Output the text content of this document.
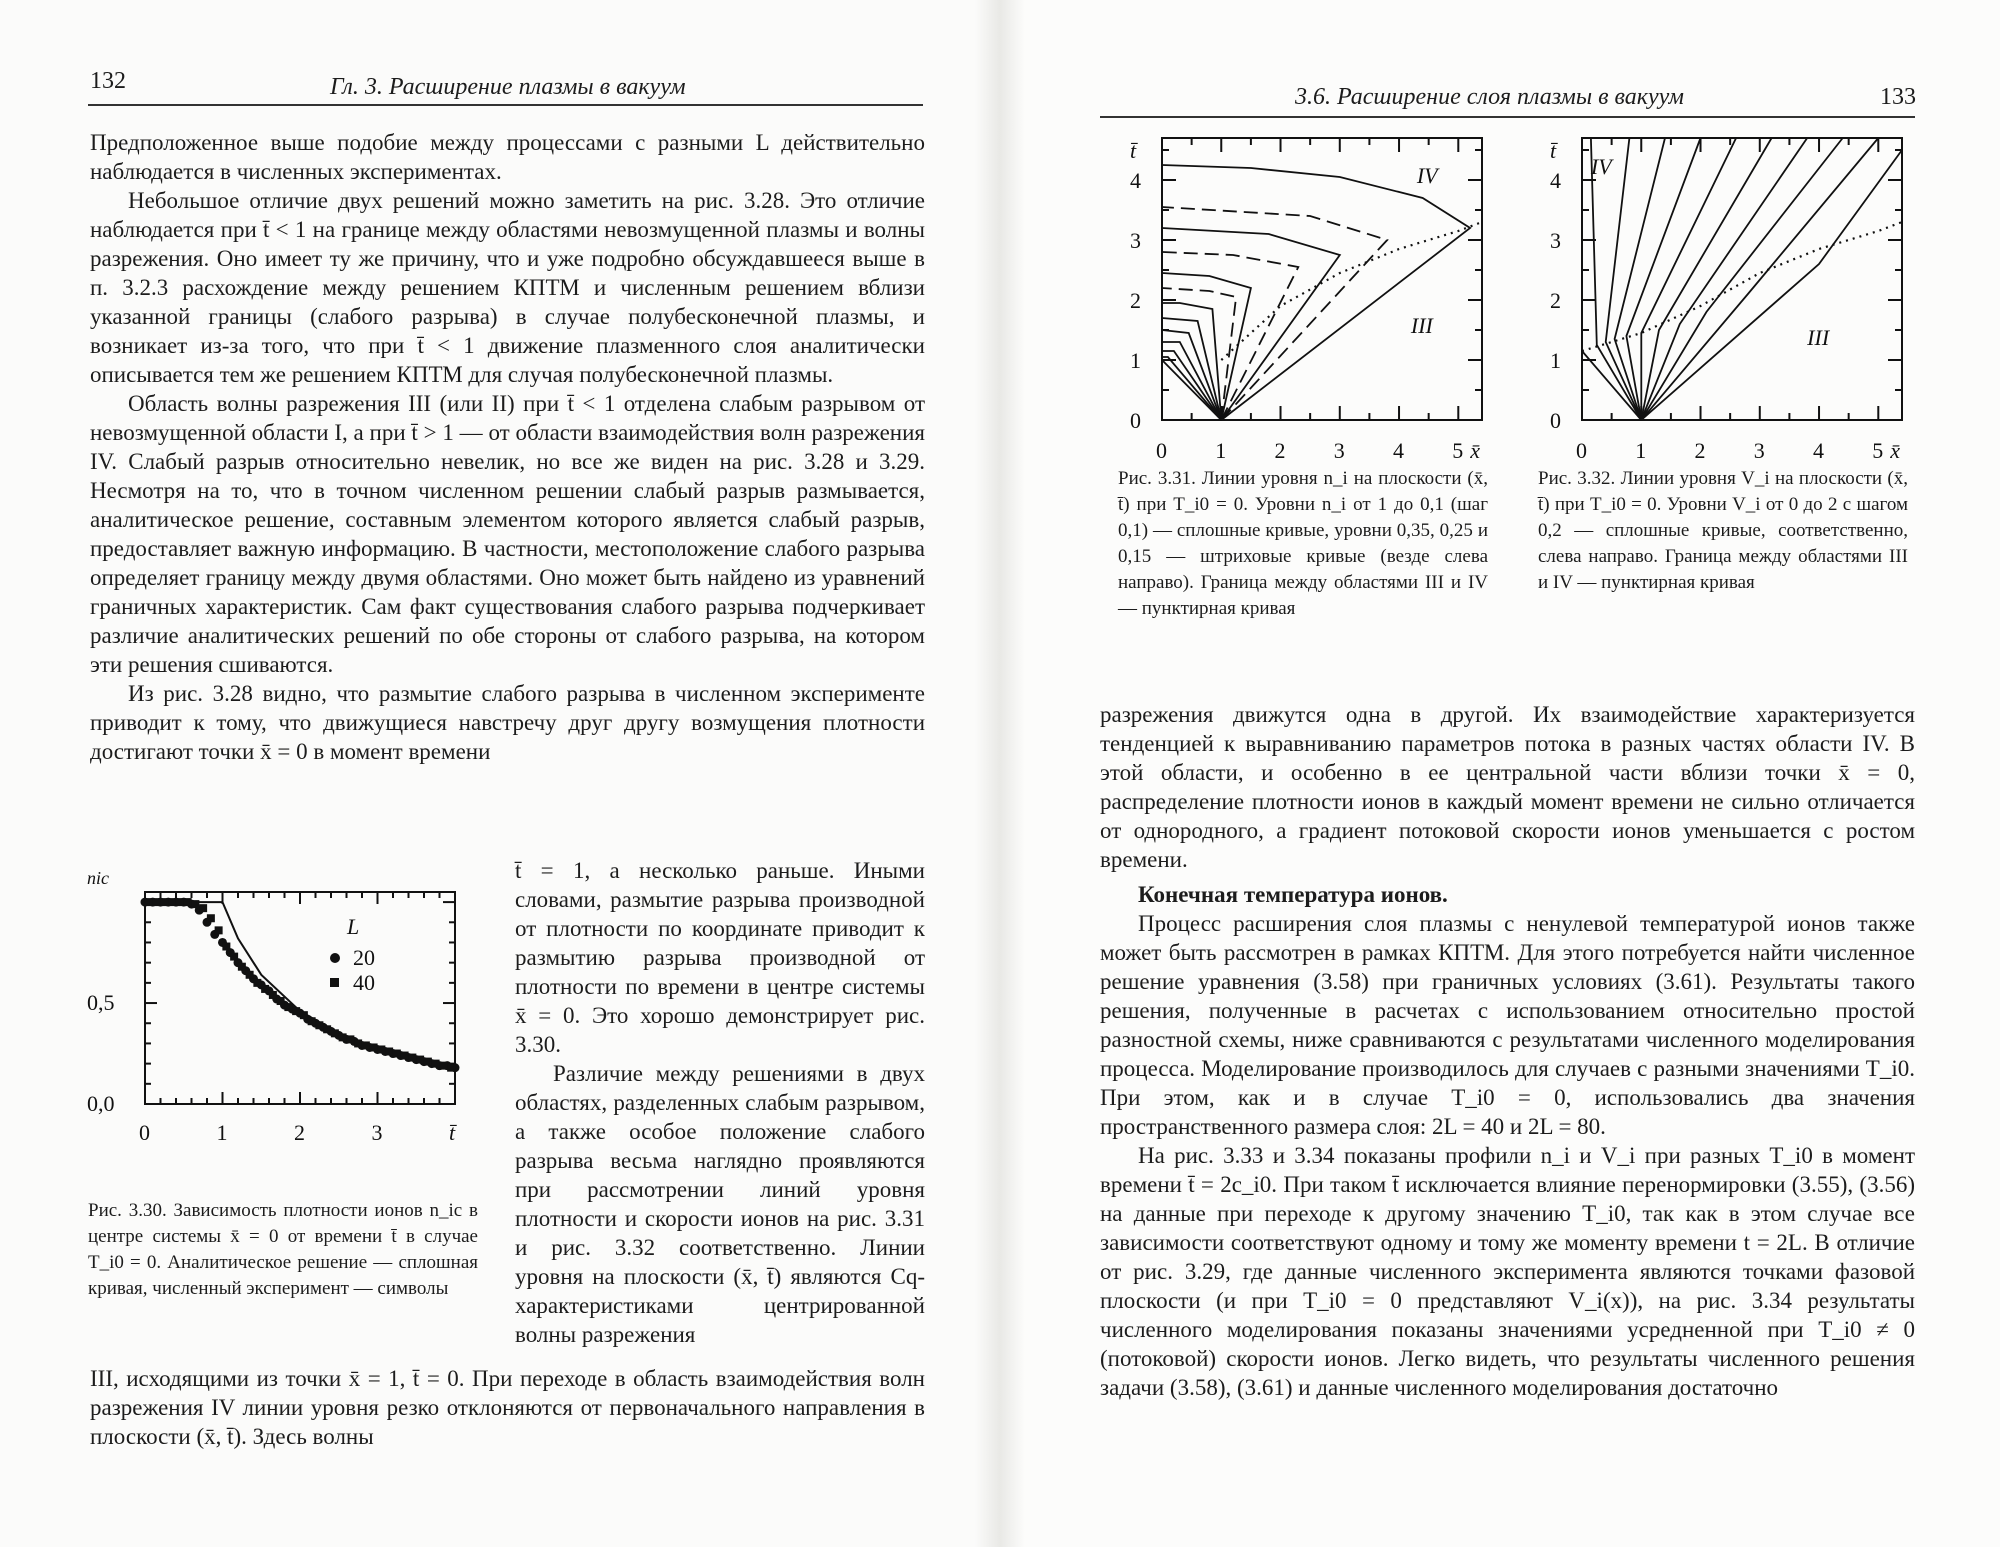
132	Гл. 3. Расширение плазмы в вакуум

Предположенное выше подобие между процессами с разными L действительно наблюдается в численных экспериментах.

Небольшое отличие двух решений можно заметить на рис. 3.28. Это отличие наблюдается при t̄ < 1 на границе между областями невозмущенной плазмы и волны разрежения. Оно имеет ту же причину, что и уже подробно обсуждавшееся выше в п. 3.2.3 расхождение между решением КПТМ и численным решением вблизи указанной границы (слабого разрыва) в случае полубесконечной плазмы, и возникает из-за того, что при t̄ < 1 движение плазменного слоя аналитически описывается тем же решением КПТМ для случая полубесконечной плазмы.

Область волны разрежения III (или II) при t̄ < 1 отделена слабым разрывом от невозмущенной области I, а при t̄ > 1 — от области взаимодействия волн разрежения IV. Слабый разрыв относительно невелик, но все же виден на рис. 3.28 и 3.29. Несмотря на то, что в точном численном решении слабый разрыв размывается, аналитическое решение, составным элементом которого является слабый разрыв, предоставляет важную информацию. В частности, местоположение слабого разрыва определяет границу между двумя областями. Оно может быть найдено из уравнений граничных характеристик. Сам факт существования слабого разрыва подчеркивает различие аналитических решений по обе стороны от слабого разрыва, на котором эти решения сшиваются.

Из рис. 3.28 видно, что размытие слабого разрыва в численном эксперименте приводит к тому, что движущиеся навстречу друг другу возмущения плотности достигают точки x̄ = 0 в момент времени

t̄ = 1, а несколько раньше. Иными словами, размытие разрыва производной от плотности по координате приводит к размытию разрыва производной от плотности по времени в центре системы x̄ = 0. Это хорошо демонстрирует рис. 3.30.

Различие между решениями в двух областях, разделенных слабым разрывом, а также особое положение слабого разрыва весьма наглядно проявляются при рассмотрении линий уровня плотности и скорости ионов на рис. 3.31 и рис. 3.32 соответственно. Линии уровня на плоскости (x̄, t̄) являются Cq-характеристиками центрированной волны разрежения

III, исходящими из точки x̄ = 1, t̄ = 0. При переходе в область взаимодействия волн разрежения IV линии уровня резко отклоняются от первоначального направления в плоскости (x̄, t̄). Здесь волны

0	1	2	3	t̄
0,0
0,5
nic
L
20
40
Рис. 3.30. Зависимость плотности ионов n_ic в центре системы x̄ = 0 от времени t̄ в случае T_i0 = 0. Аналитическое решение — сплошная кривая, численный эксперимент — символы
3.6. Расширение слоя плазмы в вакуум	133
0 1 2 3 4 5 x̄
0
1
2
3
4
t̄
IV
III
Рис. 3.31. Линии уровня n_i на плоскости (x̄, t̄) при T_i0 = 0. Уровни n_i от 1 до 0,1 (шаг 0,1) — сплошные кривые, уровни 0,35, 0,25 и 0,15 — штриховые кривые (везде слева направо). Граница между областями III и IV — пунктирная кривая
0 1 2 3 4 5 x̄
0
1
2
3
4
t̄
IV
III
Рис. 3.32. Линии уровня V_i на плоскости (x̄, t̄) при T_i0 = 0. Уровни V_i от 0 до 2 с шагом 0,2 — сплошные кривые, соответственно, слева направо. Граница между областями III и IV — пунктирная кривая

разрежения движутся одна в другой. Их взаимодействие характеризуется тенденцией к выравниванию параметров потока в разных частях области IV. В этой области, и особенно в ее центральной части вблизи точки x̄ = 0, распределение плотности ионов в каждый момент времени не сильно отличается от однородного, а градиент потоковой скорости ионов уменьшается с ростом времени.

Конечная температура ионов.

Процесс расширения слоя плазмы с ненулевой температурой ионов также может быть рассмотрен в рамках КПТМ. Для этого потребуется найти численное решение уравнения (3.58) при граничных условиях (3.61). Результаты такого решения, полученные в расчетах с использованием относительно простой разностной схемы, ниже сравниваются с результатами численного моделирования процесса. Моделирование производилось для случаев с разными значениями T_i0. При этом, как и в случае T_i0 = 0, использовались два значения пространственного размера слоя: 2L = 40 и 2L = 80.

На рис. 3.33 и 3.34 показаны профили n_i и V_i при разных T_i0 в момент времени t̄ = 2c_i0. При таком t̄ исключается влияние перенормировки (3.55), (3.56) на данные при переходе к другому значению T_i0, так как в этом случае все зависимости соответствуют одному и тому же моменту времени t = 2L. В отличие от рис. 3.29, где данные численного эксперимента являются точками фазовой плоскости (и при T_i0 = 0 представляют V_i(x)), на рис. 3.34 результаты численного моделирования показаны значениями усредненной при T_i0 ≠ 0 (потоковой) скорости ионов. Легко видеть, что результаты численного решения задачи (3.58), (3.61) и данные численного моделирования достаточно
